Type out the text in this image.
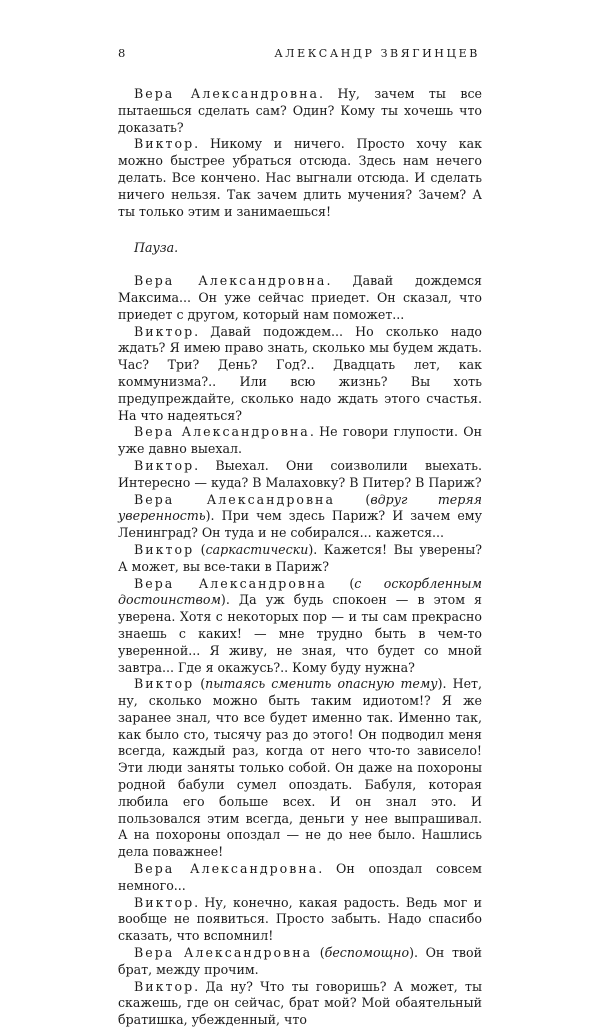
8	АЛЕКСАНДР ЗВЯГИНЦЕВ

Вера Александровна. Ну, зачем ты все пытаешься сделать сам? Один? Кому ты хочешь что доказать?

Виктор. Никому и ничего. Просто хочу как можно быстрее убраться отсюда. Здесь нам нечего делать. Все кончено. Нас выгнали отсюда. И сделать ничего нельзя. Так зачем длить мучения? Зачем? А ты только этим и занимаешься!

Пауза.

Вера Александровна. Давай дождемся Максима... Он уже сейчас приедет. Он сказал, что приедет с другом, который нам поможет...

Виктор. Давай подождем... Но сколько надо ждать? Я имею право знать, сколько мы будем ждать. Час? Три? День? Год?.. Двадцать лет, как коммунизма?.. Или всю жизнь? Вы хоть предупреждайте, сколько надо ждать этого счастья. На что надеяться?

Вера Александровна. Не говори глупости. Он уже давно выехал.

Виктор. Выехал. Они соизволили выехать. Интересно — куда? В Малаховку? В Питер? В Париж?

Вера Александровна (вдруг теряя уверенность). При чем здесь Париж? И зачем ему Ленинград? Он туда и не собирался... кажется...

Виктор (саркастически). Кажется! Вы уверены? А может, вы все-таки в Париж?

Вера Александровна (с оскорбленным достоинством). Да уж будь спокоен — в этом я уверена. Хотя с некоторых пор — и ты сам прекрасно знаешь с каких! — мне трудно быть в чем-то уверенной... Я живу, не зная, что будет со мной завтра... Где я окажусь?.. Кому буду нужна?

Виктор (пытаясь сменить опасную тему). Нет, ну, сколько можно быть таким идиотом!? Я же заранее знал, что все будет именно так. Именно так, как было сто, тысячу раз до этого! Он подводил меня всегда, каждый раз, когда от него что-то зависело! Эти люди заняты только собой. Он даже на похороны родной бабули сумел опоздать. Бабуля, которая любила его больше всех. И он знал это. И пользовался этим всегда, деньги у нее выпрашивал. А на похороны опоздал — не до нее было. Нашлись дела поважнее!

Вера Александровна. Он опоздал совсем немного...

Виктор. Ну, конечно, какая радость. Ведь мог и вообще не появиться. Просто забыть. Надо спасибо сказать, что вспомнил!

Вера Александровна (беспомощно). Он твой брат, между прочим.

Виктор. Да ну? Что ты говоришь? А может, ты скажешь, где он сейчас, брат мой? Мой обаятельный братишка, убежденный, что
